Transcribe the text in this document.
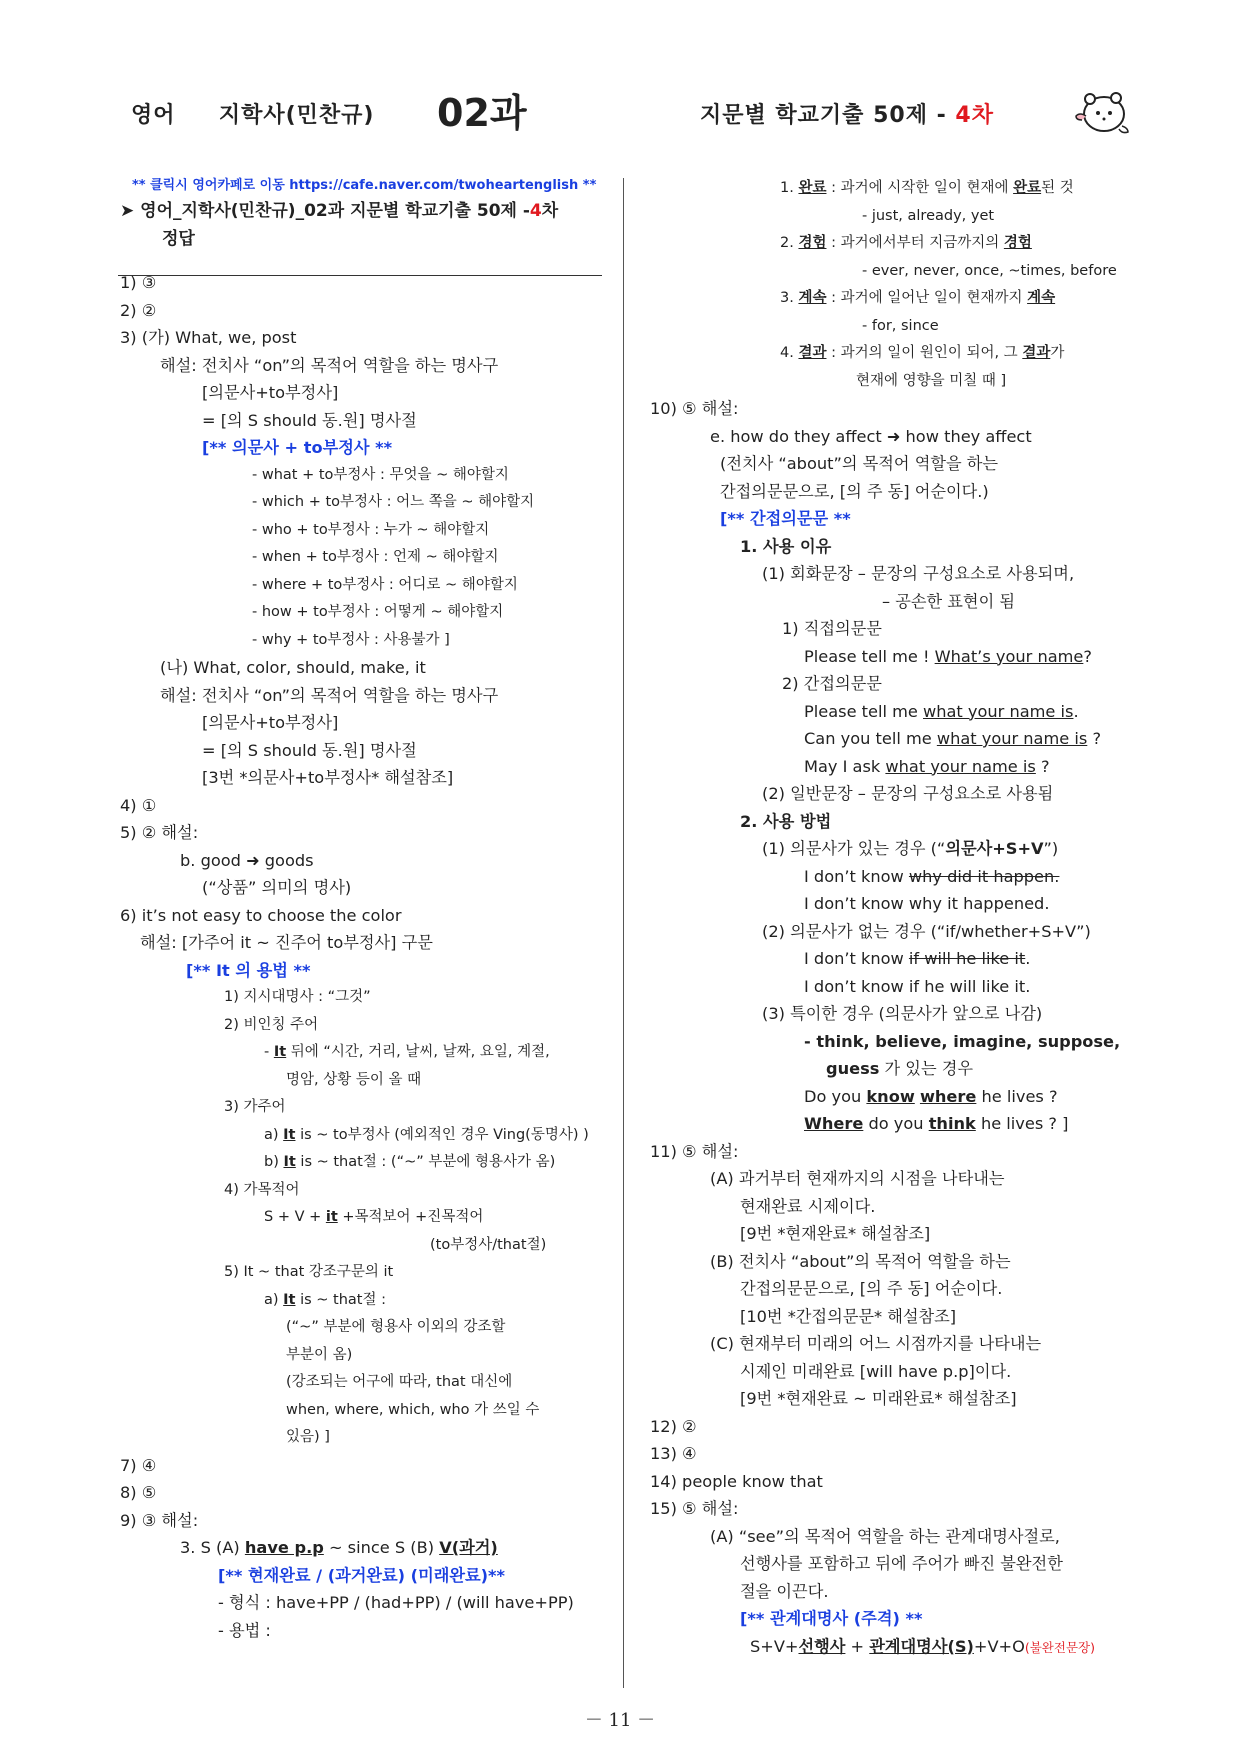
영어 지학사(민찬규) 02과	지문별 학교기출 50제 - 4차
** 클릭시 영어카페로 이동 https://cafe.naver.com/twoheartenglish **
➤ 영어_지학사(민찬규)_02과 지문별 학교기출 50제 -4차
정답
1) ③
2) ②
3) (가) What, we, post
해설: 전치사 “on”의 목적어 역할을 하는 명사구
[의문사+to부정사]
= [의 S should 동.원] 명사절
[** 의문사 + to부정사 **
- what + to부정사 : 무엇을 ~ 해야할지
- which + to부정사 : 어느 쪽을 ~ 해야할지
- who + to부정사 : 누가 ~ 해야할지
- when + to부정사 : 언제 ~ 해야할지
- where + to부정사 : 어디로 ~ 해야할지
- how + to부정사 : 어떻게 ~ 해야할지
- why + to부정사 : 사용불가 ]
(나) What, color, should, make, it
해설: 전치사 “on”의 목적어 역할을 하는 명사구
[의문사+to부정사]
= [의 S should 동.원] 명사절
[3번 *의문사+to부정사* 해설참조]
4) ①
5) ② 해설:
b. good ➜ goods
(“상품” 의미의 명사)
6) it’s not easy to choose the color
해설: [가주어 it ~ 진주어 to부정사] 구문
[** It 의 용법 **
1) 지시대명사 : “그것”
2) 비인칭 주어
- It 뒤에 “시간, 거리, 날씨, 날짜, 요일, 계절,
명암, 상황 등이 올 때
3) 가주어
a) It is ~ to부정사 (예외적인 경우 Ving(동명사) )
b) It is ~ that절 : (“~” 부분에 형용사가 옴)
4) 가목적어
S + V + it +목적보어 +진목적어
(to부정사/that절)
5) It ~ that 강조구문의 it
a) It is ~ that절 :
(“~” 부분에 형용사 이외의 강조할
부분이 옴)
(강조되는 어구에 따라, that 대신에
when, where, which, who 가 쓰일 수
있음) ]
7) ④
8) ⑤
9) ③ 해설:
3. S (A) have p.p ~ since S (B) V(과거)
[** 현재완료 / (과거완료) (미래완료)**
- 형식 : have+PP / (had+PP) / (will have+PP)
- 용법 :
1. 완료 : 과거에 시작한 일이 현재에 완료된 것
- just, already, yet
2. 경험 : 과거에서부터 지금까지의 경험
- ever, never, once, ~times, before
3. 계속 : 과거에 일어난 일이 현재까지 계속
- for, since
4. 결과 : 과거의 일이 원인이 되어, 그 결과가
현재에 영향을 미칠 때 ]
10) ⑤ 해설:
e. how do they affect ➜ how they affect
(전치사 “about”의 목적어 역할을 하는
간접의문문으로, [의 주 동] 어순이다.)
[** 간접의문문 **
1. 사용 이유
(1) 회화문장 – 문장의 구성요소로 사용되며,
– 공손한 표현이 됨
1) 직접의문문
Please tell me ! What’s your name?
2) 간접의문문
Please tell me what your name is.
Can you tell me what your name is ?
May I ask what your name is ?
(2) 일반문장 – 문장의 구성요소로 사용됨
2. 사용 방법
(1) 의문사가 있는 경우 (“의문사+S+V”)
I don’t know why did it happen.
I don’t know why it happened.
(2) 의문사가 없는 경우 (“if/whether+S+V”)
I don’t know if will he like it.
I don’t know if he will like it.
(3) 특이한 경우 (의문사가 앞으로 나감)
- think, believe, imagine, suppose,
guess 가 있는 경우
Do you know where he lives ?
Where do you think he lives ? ]
11) ⑤ 해설:
(A) 과거부터 현재까지의 시점을 나타내는
현재완료 시제이다.
[9번 *현재완료* 해설참조]
(B) 전치사 “about”의 목적어 역할을 하는
간접의문문으로, [의 주 동] 어순이다.
[10번 *간접의문문* 해설참조]
(C) 현재부터 미래의 어느 시점까지를 나타내는
시제인 미래완료 [will have p.p]이다.
[9번 *현재완료 ~ 미래완료* 해설참조]
12) ②
13) ④
14) people know that
15) ⑤ 해설:
(A) “see”의 목적어 역할을 하는 관계대명사절로,
선행사를 포함하고 뒤에 주어가 빠진 불완전한
절을 이끈다.
[** 관계대명사 (주격) **
S+V+선행사 + 관계대명사(S)+V+O(불완전문장)
－ 11 －
